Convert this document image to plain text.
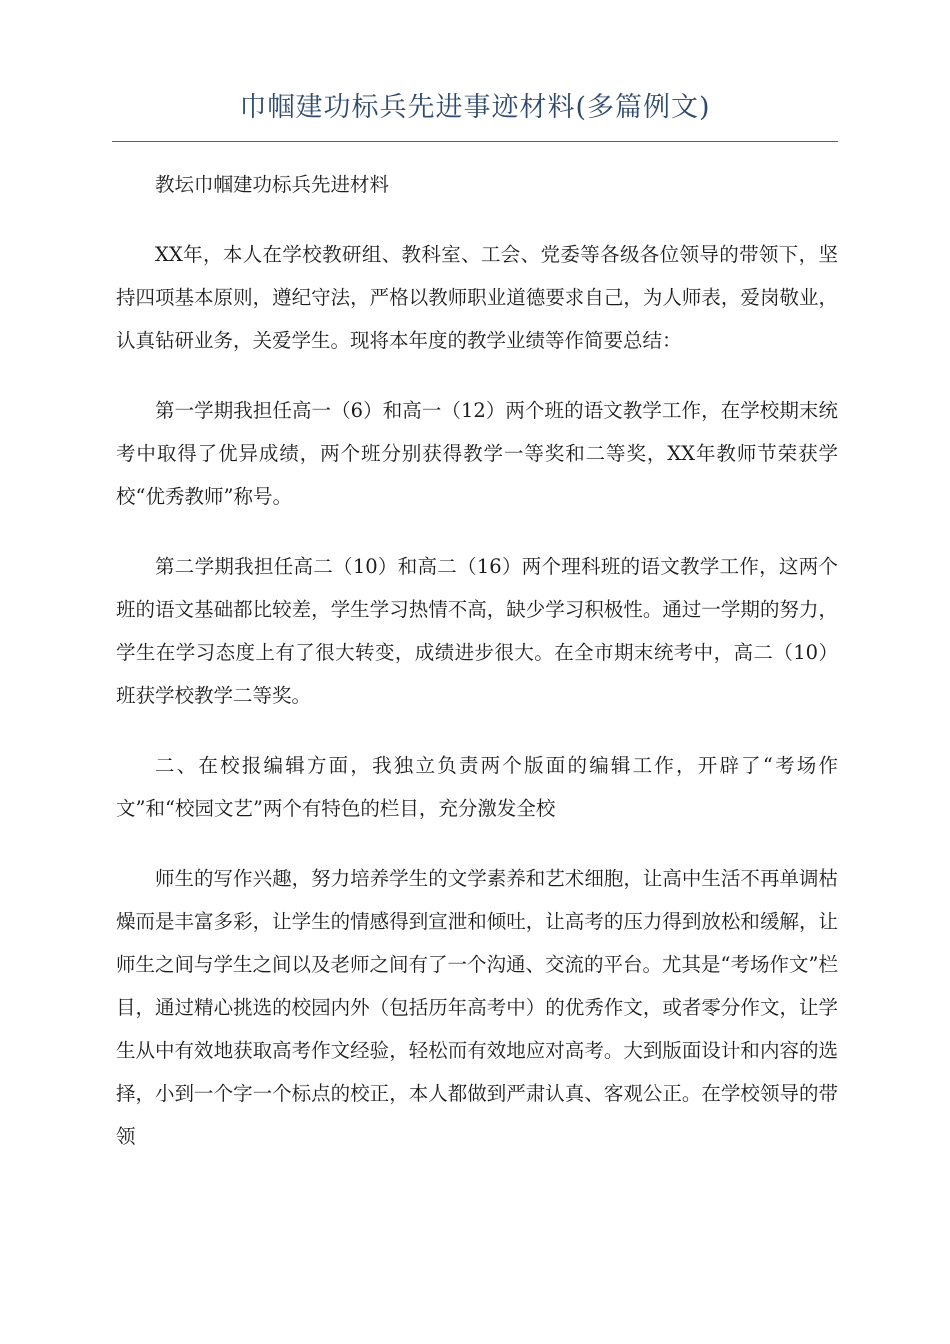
巾帼建功标兵先进事迹材料(多篇例文)

教坛巾帼建功标兵先进材料

XX年，本人在学校教研组、教科室、工会、党委等各级各位领导的带领下，坚持四项基本原则，遵纪守法，严格以教师职业道德要求自己，为人师表，爱岗敬业，认真钻研业务，关爱学生。现将本年度的教学业绩等作简要总结：

第一学期我担任高一（6）和高一（12）两个班的语文教学工作，在学校期末统考中取得了优异成绩，两个班分别获得教学一等奖和二等奖，XX年教师节荣获学校“优秀教师”称号。

第二学期我担任高二（10）和高二（16）两个理科班的语文教学工作，这两个班的语文基础都比较差，学生学习热情不高，缺少学习积极性。通过一学期的努力，学生在学习态度上有了很大转变，成绩进步很大。在全市期末统考中，高二（10）班获学校教学二等奖。

二、在校报编辑方面，我独立负责两个版面的编辑工作，开辟了“考场作文”和“校园文艺”两个有特色的栏目，充分激发全校

师生的写作兴趣，努力培养学生的文学素养和艺术细胞，让高中生活不再单调枯燥而是丰富多彩，让学生的情感得到宣泄和倾吐，让高考的压力得到放松和缓解，让师生之间与学生之间以及老师之间有了一个沟通、交流的平台。尤其是“考场作文”栏目，通过精心挑选的校园内外（包括历年高考中）的优秀作文，或者零分作文，让学生从中有效地获取高考作文经验，轻松而有效地应对高考。大到版面设计和内容的选择，小到一个字一个标点的校正，本人都做到严肃认真、客观公正。在学校领导的带领
